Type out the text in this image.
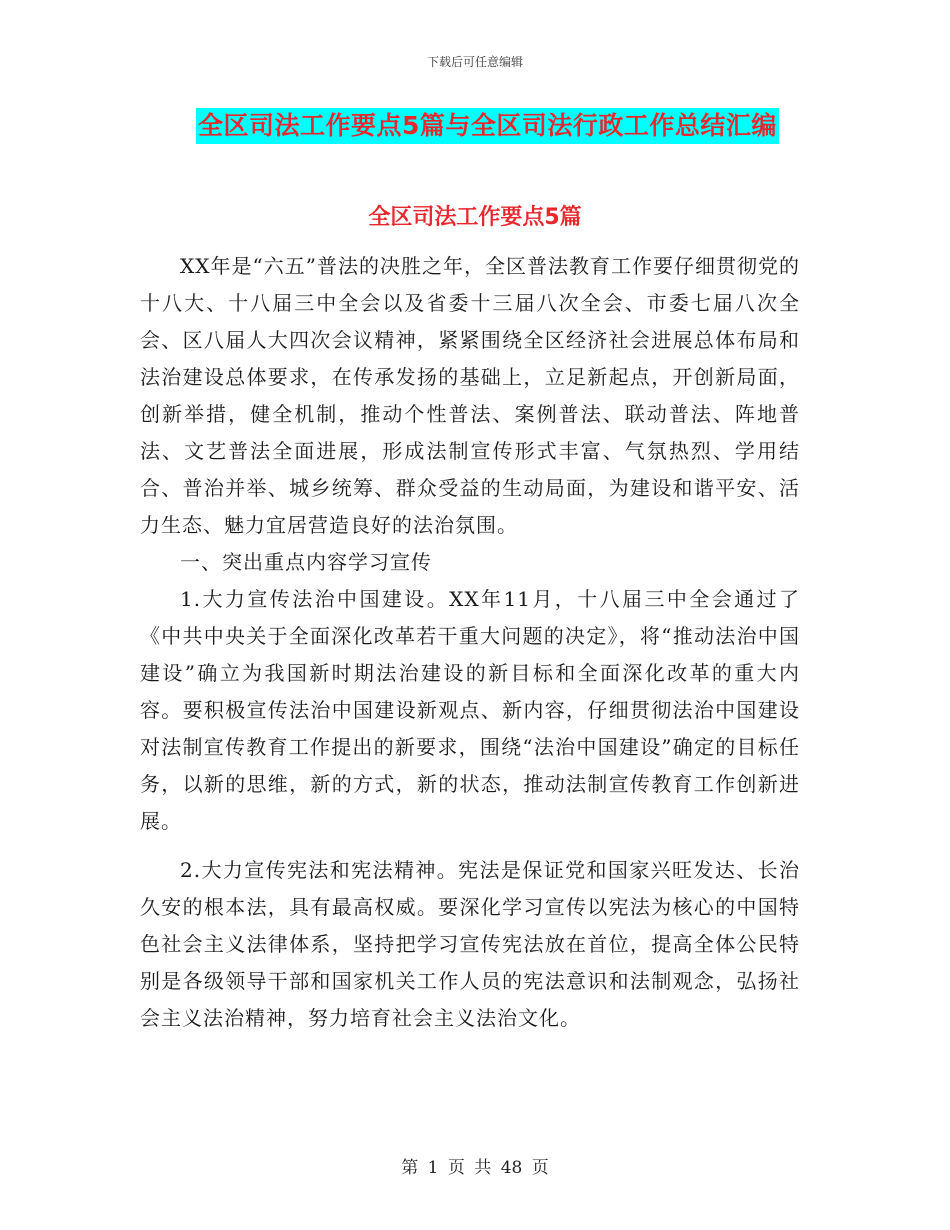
下载后可任意编辑
全区司法工作要点5篇与全区司法行政工作总结汇编
全区司法工作要点5篇

XX年是“六五”普法的决胜之年，全区普法教育工作要仔细贯彻党的十八大、十八届三中全会以及省委十三届八次全会、市委七届八次全会、区八届人大四次会议精神，紧紧围绕全区经济社会进展总体布局和法治建设总体要求，在传承发扬的基础上，立足新起点，开创新局面，创新举措，健全机制，推动个性普法、案例普法、联动普法、阵地普法、文艺普法全面进展，形成法制宣传形式丰富、气氛热烈、学用结合、普治并举、城乡统筹、群众受益的生动局面，为建设和谐平安、活力生态、魅力宜居营造良好的法治氛围。

一、突出重点内容学习宣传

1.大力宣传法治中国建设。XX年11月，十八届三中全会通过了《中共中央关于全面深化改革若干重大问题的决定》，将“推动法治中国建设”确立为我国新时期法治建设的新目标和全面深化改革的重大内容。要积极宣传法治中国建设新观点、新内容，仔细贯彻法治中国建设对法制宣传教育工作提出的新要求，围绕“法治中国建设”确定的目标任务，以新的思维，新的方式，新的状态，推动法制宣传教育工作创新进展。

2.大力宣传宪法和宪法精神。宪法是保证党和国家兴旺发达、长治久安的根本法，具有最高权威。要深化学习宣传以宪法为核心的中国特色社会主义法律体系，坚持把学习宣传宪法放在首位，提高全体公民特别是各级领导干部和国家机关工作人员的宪法意识和法制观念，弘扬社会主义法治精神，努力培育社会主义法治文化。

第 1 页 共 48 页
